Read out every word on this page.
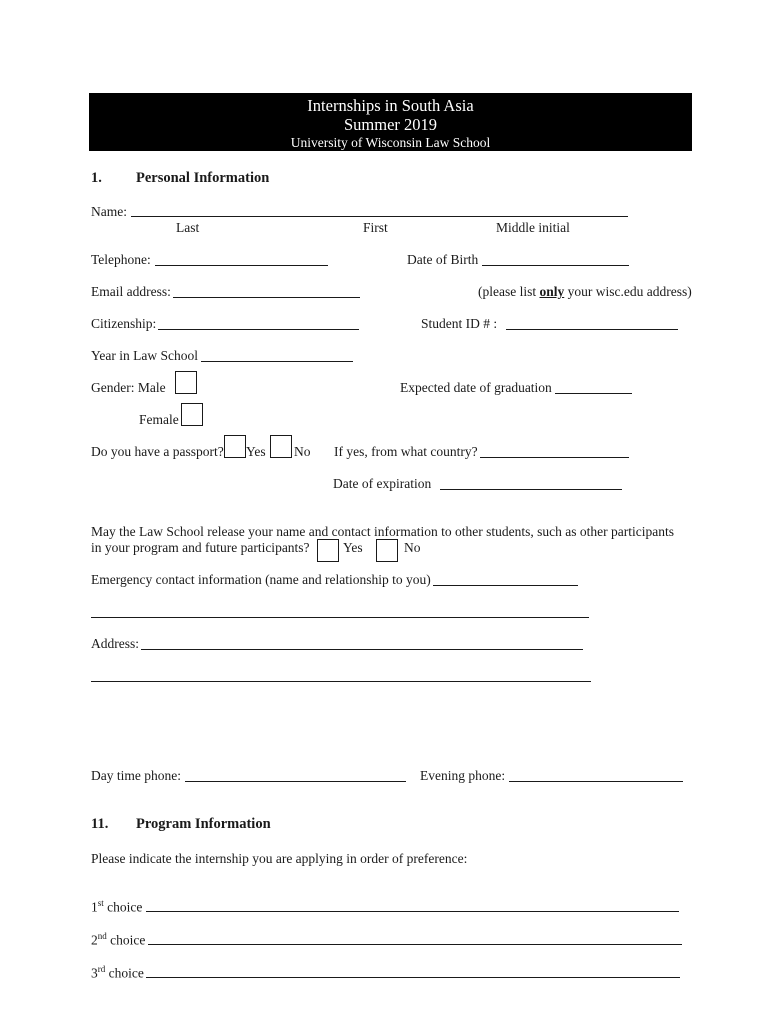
Internships in South Asia
Summer 2019
University of Wisconsin Law School
1. Personal Information
Name:
Last	First	Middle initial
Telephone:	Date of Birth
Email address:	(please list only your wisc.edu address)
Citizenship:	Student ID # :
Year in Law School
Gender: Male	Expected date of graduation
Female
Do you have a passport? Yes No If yes, from what country?
Date of expiration
May the Law School release your name and contact information to other students, such as other participants
in your program and future participants? Yes	No
Emergency contact information (name and relationship to you)
Address:
Day time phone:	Evening phone:
11. Program Information
Please indicate the internship you are applying in order of preference:
1st choice
2nd choice
3rd choice
